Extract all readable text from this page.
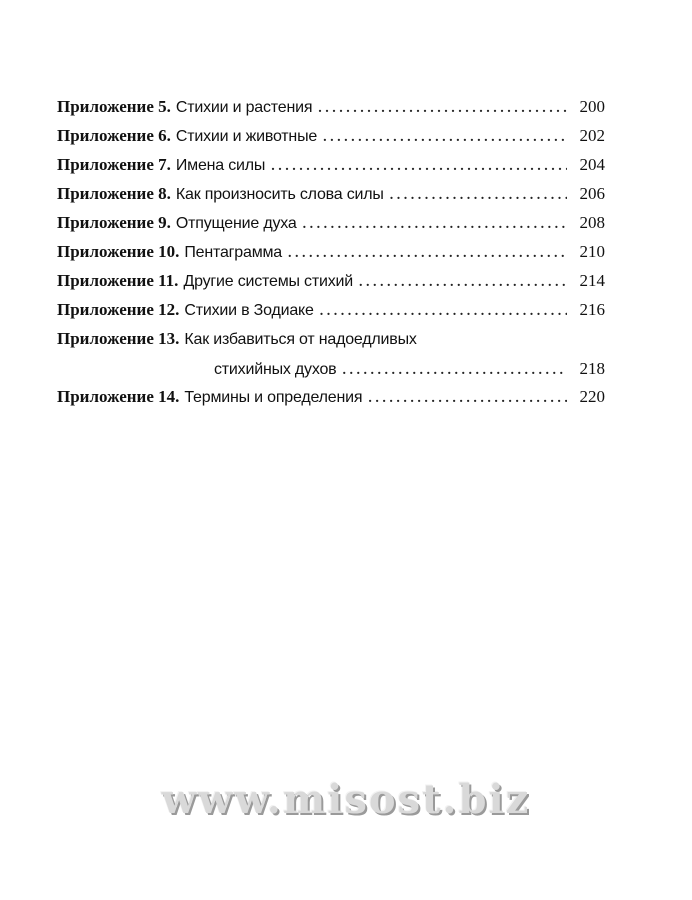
Приложение 5. Стихии и растения . . .	200
Приложение 6. Стихии и животные . . .	202
Приложение 7. Имена силы . . .	204
Приложение 8. Как произносить слова силы . . .	206
Приложение 9. Отпущение духа . . .	208
Приложение 10. Пентаграмма . . .	210
Приложение 11. Другие системы стихий . . .	214
Приложение 12. Стихии в Зодиаке . . .	216
Приложение 13. Как избавиться от надоедливых
стихийных духов . . .	218
Приложение 14. Термины и определения . . .	220
www.misost.biz
